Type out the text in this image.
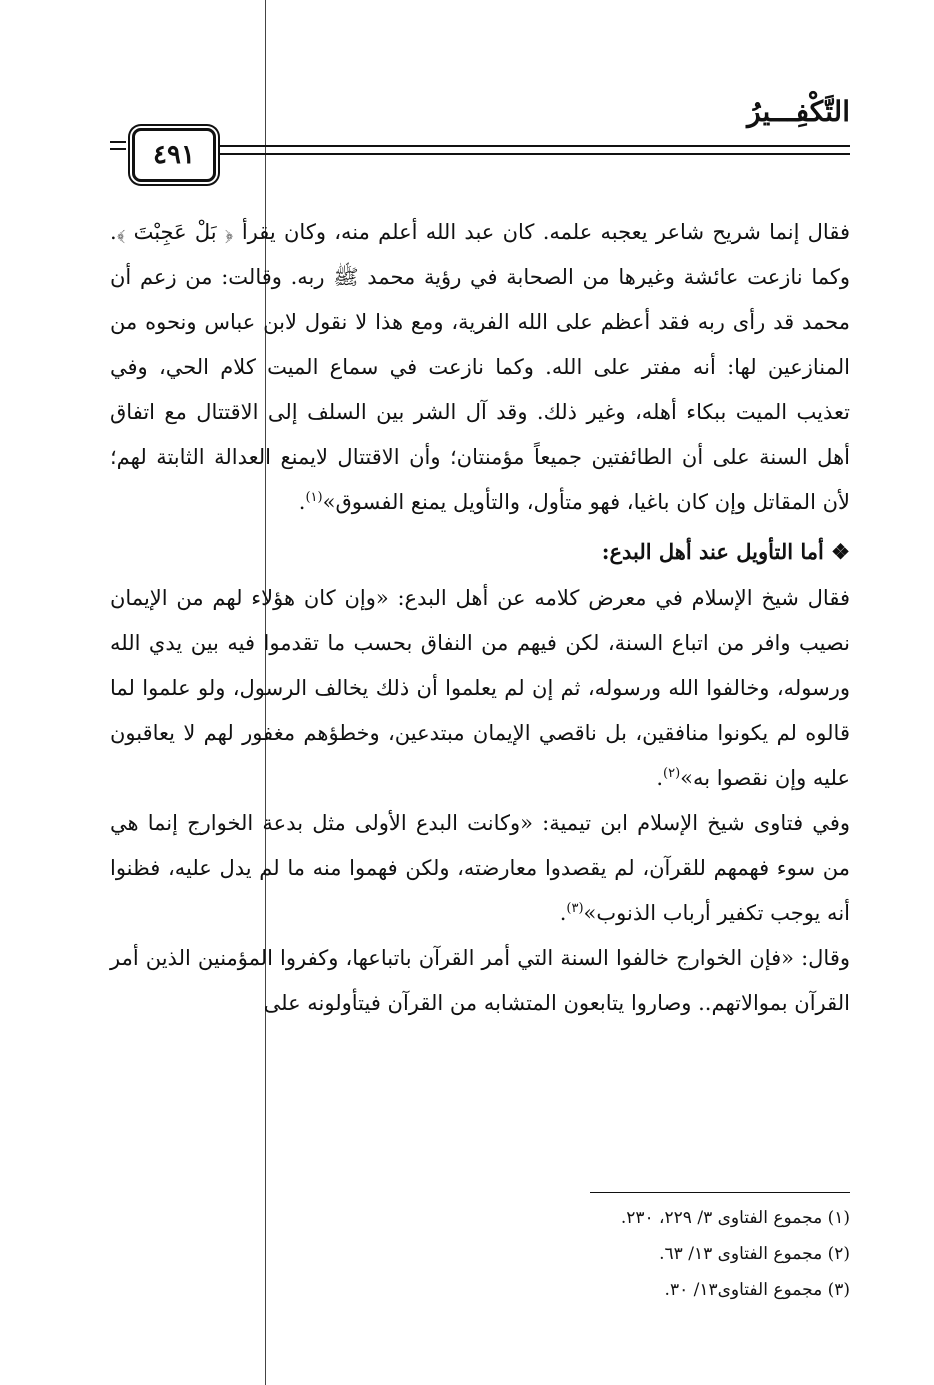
التَّكْفِـــيرُ
٤٩١

فقال إنما شريح شاعر يعجبه علمه. كان عبد الله أعلم منه، وكان يقرأ ﴿ بَلْ عَجِبْتَ ﴾. وكما نازعت عائشة وغيرها من الصحابة في رؤية محمد ﷺ ربه. وقالت: من زعم أن محمد قد رأى ربه فقد أعظم على الله الفرية، ومع هذا لا نقول لابن عباس ونحوه من المنازعين لها: أنه مفتر على الله. وكما نازعت في سماع الميت كلام الحي، وفي تعذيب الميت ببكاء أهله، وغير ذلك. وقد آل الشر بين السلف إلى الاقتتال مع اتفاق أهل السنة على أن الطائفتين جميعاً مؤمنتان؛ وأن الاقتتال لايمنع العدالة الثابتة لهم؛ لأن المقاتل وإن كان باغيا، فهو متأول، والتأويل يمنع الفسوق»$^{(١)}$.

❖ أما التأويل عند أهل البدع:

فقال شيخ الإسلام في معرض كلامه عن أهل البدع: «وإن كان هؤلاء لهم من الإيمان نصيب وافر من اتباع السنة، لكن فيهم من النفاق بحسب ما تقدموا فيه بين يدي الله ورسوله، وخالفوا الله ورسوله، ثم إن لم يعلموا أن ذلك يخالف الرسول، ولو علموا لما قالوه لم يكونوا منافقين، بل ناقصي الإيمان مبتدعين، وخطؤهم مغفور لهم لا يعاقبون عليه وإن نقصوا به»$^{(٢)}$.

وفي فتاوى شيخ الإسلام ابن تيمية: «وكانت البدع الأولى مثل بدعة الخوارج إنما هي من سوء فهمهم للقرآن، لم يقصدوا معارضته، ولكن فهموا منه ما لم يدل عليه، فظنوا أنه يوجب تكفير أرباب الذنوب»$^{(٣)}$.

وقال: «فإن الخوارج خالفوا السنة التي أمر القرآن باتباعها، وكفروا المؤمنين الذين أمر القرآن بموالاتهم.. وصاروا يتابعون المتشابه من القرآن فيتأولونه على

(١) مجموع الفتاوى ٣/ ٢٢٩، ٢٣٠.
(٢) مجموع الفتاوى ١٣/ ٦٣.
(٣) مجموع الفتاوى١٣/ ٣٠.
